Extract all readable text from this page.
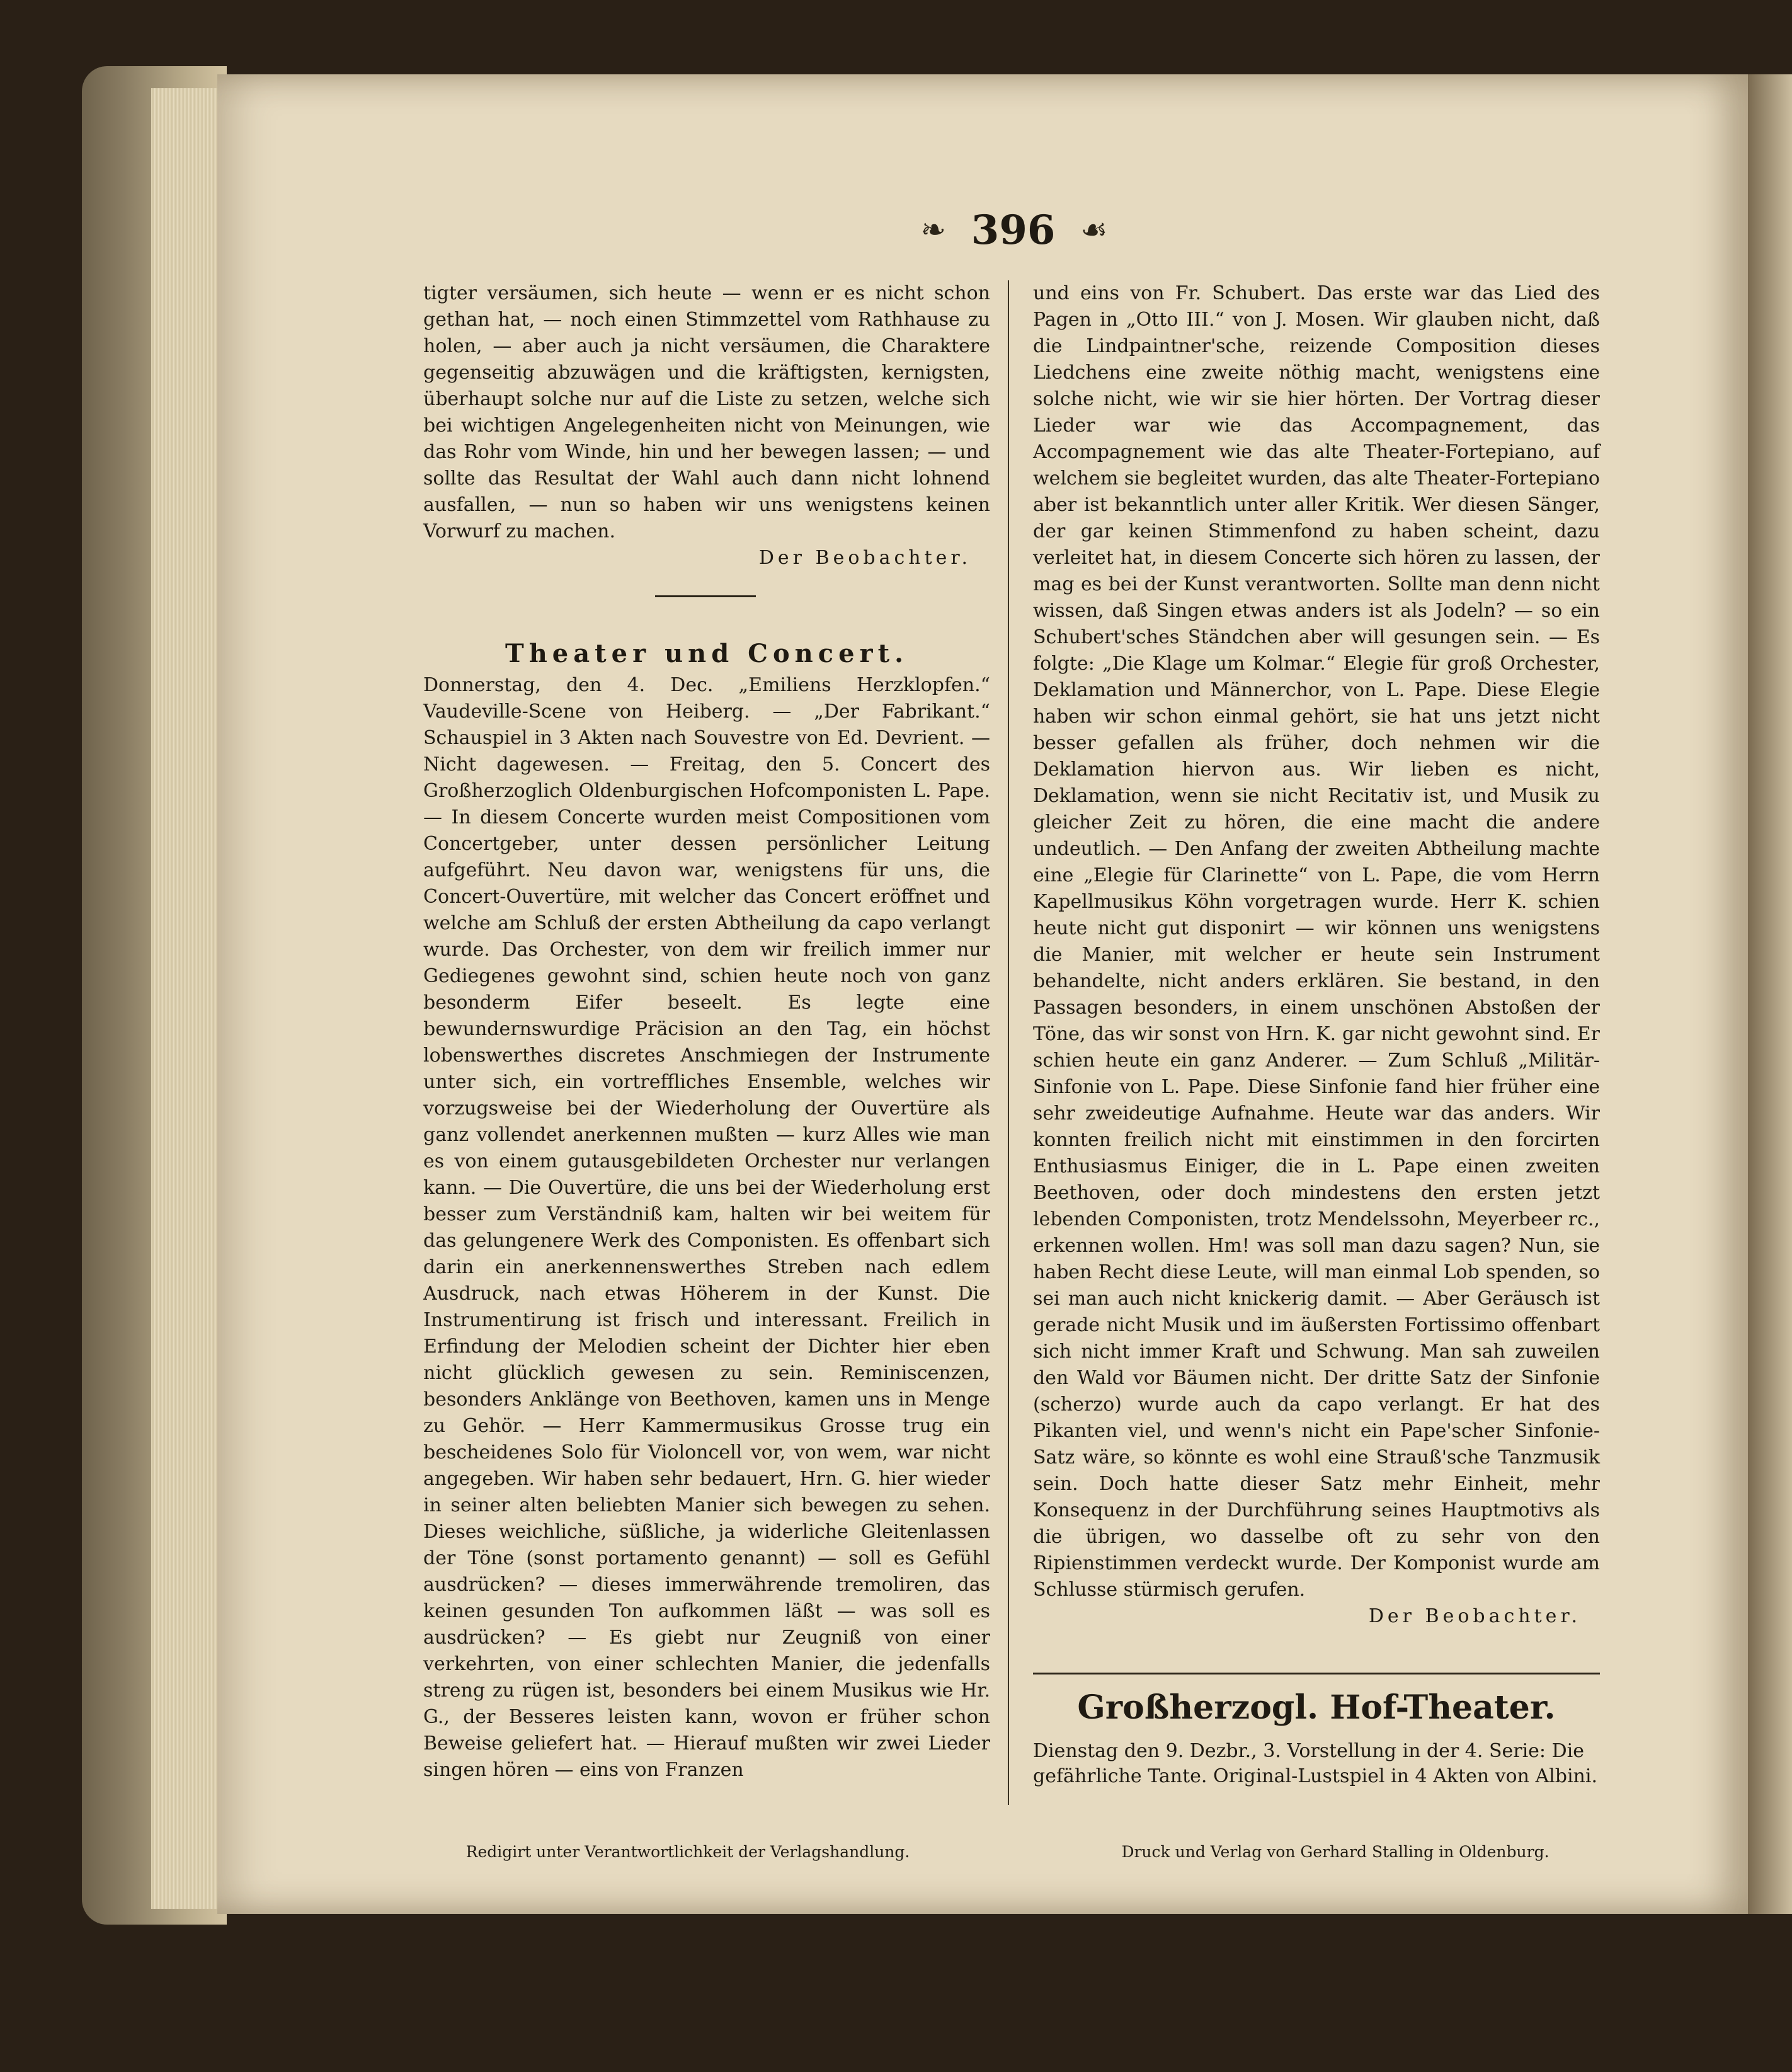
❧ 396 ☙

tigter versäumen, sich heute — wenn er es nicht schon gethan hat, — noch einen Stimmzettel vom Rathhause zu holen, — aber auch ja nicht versäumen, die Charaktere gegenseitig abzuwägen und die kräftigsten, kernigsten, überhaupt solche nur auf die Liste zu setzen, welche sich bei wichtigen Angelegenheiten nicht von Meinungen, wie das Rohr vom Winde, hin und her bewegen lassen; — und sollte das Resultat der Wahl auch dann nicht lohnend ausfallen, — nun so haben wir uns wenigstens keinen Vorwurf zu machen.

Der Beobachter.

Theater und Concert.

Donnerstag, den 4. Dec. „Emiliens Herzklopfen.“ Vaudeville-Scene von Heiberg. — „Der Fabrikant.“ Schauspiel in 3 Akten nach Souvestre von Ed. Devrient. — Nicht dagewesen. — Freitag, den 5. Concert des Großherzoglich Oldenburgischen Hofcomponisten L. Pape. — In diesem Concerte wurden meist Compositionen vom Concertgeber, unter dessen persönlicher Leitung aufgeführt. Neu davon war, wenigstens für uns, die Concert-Ouvertüre, mit welcher das Concert eröffnet und welche am Schluß der ersten Abtheilung da capo verlangt wurde. Das Orchester, von dem wir freilich immer nur Gediegenes gewohnt sind, schien heute noch von ganz besonderm Eifer beseelt. Es legte eine bewundernswurdige Präcision an den Tag, ein höchst lobenswerthes discretes Anschmiegen der Instrumente unter sich, ein vortreffliches Ensemble, welches wir vorzugsweise bei der Wiederholung der Ouvertüre als ganz vollendet anerkennen mußten — kurz Alles wie man es von einem gutausgebildeten Orchester nur verlangen kann. — Die Ouvertüre, die uns bei der Wiederholung erst besser zum Verständniß kam, halten wir bei weitem für das gelungenere Werk des Componisten. Es offenbart sich darin ein anerkennenswerthes Streben nach edlem Ausdruck, nach etwas Höherem in der Kunst. Die Instrumentirung ist frisch und interessant. Freilich in Erfindung der Melodien scheint der Dichter hier eben nicht glücklich gewesen zu sein. Reminiscenzen, besonders Anklänge von Beethoven, kamen uns in Menge zu Gehör. — Herr Kammermusikus Grosse trug ein bescheidenes Solo für Violoncell vor, von wem, war nicht angegeben. Wir haben sehr bedauert, Hrn. G. hier wieder in seiner alten beliebten Manier sich bewegen zu sehen. Dieses weichliche, süßliche, ja widerliche Gleitenlassen der Töne (sonst portamento genannt) — soll es Gefühl ausdrücken? — dieses immerwährende tremoliren, das keinen gesunden Ton aufkommen läßt — was soll es ausdrücken? — Es giebt nur Zeugniß von einer verkehrten, von einer schlechten Manier, die jedenfalls streng zu rügen ist, besonders bei einem Musikus wie Hr. G., der Besseres leisten kann, wovon er früher schon Beweise geliefert hat. — Hierauf mußten wir zwei Lieder singen hören — eins von Franzen

und eins von Fr. Schubert. Das erste war das Lied des Pagen in „Otto III.“ von J. Mosen. Wir glauben nicht, daß die Lindpaintner'sche, reizende Composition dieses Liedchens eine zweite nöthig macht, wenigstens eine solche nicht, wie wir sie hier hörten. Der Vortrag dieser Lieder war wie das Accompagnement, das Accompagnement wie das alte Theater-Fortepiano, auf welchem sie begleitet wurden, das alte Theater-Fortepiano aber ist bekanntlich unter aller Kritik. Wer diesen Sänger, der gar keinen Stimmenfond zu haben scheint, dazu verleitet hat, in diesem Concerte sich hören zu lassen, der mag es bei der Kunst verantworten. Sollte man denn nicht wissen, daß Singen etwas anders ist als Jodeln? — so ein Schubert'sches Ständchen aber will gesungen sein. — Es folgte: „Die Klage um Kolmar.“ Elegie für groß Orchester, Deklamation und Männerchor, von L. Pape. Diese Elegie haben wir schon einmal gehört, sie hat uns jetzt nicht besser gefallen als früher, doch nehmen wir die Deklamation hiervon aus. Wir lieben es nicht, Deklamation, wenn sie nicht Recitativ ist, und Musik zu gleicher Zeit zu hören, die eine macht die andere undeutlich. — Den Anfang der zweiten Abtheilung machte eine „Elegie für Clarinette“ von L. Pape, die vom Herrn Kapellmusikus Köhn vorgetragen wurde. Herr K. schien heute nicht gut disponirt — wir können uns wenigstens die Manier, mit welcher er heute sein Instrument behandelte, nicht anders erklären. Sie bestand, in den Passagen besonders, in einem unschönen Abstoßen der Töne, das wir sonst von Hrn. K. gar nicht gewohnt sind. Er schien heute ein ganz Anderer. — Zum Schluß „Militär-Sinfonie von L. Pape. Diese Sinfonie fand hier früher eine sehr zweideutige Aufnahme. Heute war das anders. Wir konnten freilich nicht mit einstimmen in den forcirten Enthusiasmus Einiger, die in L. Pape einen zweiten Beethoven, oder doch mindestens den ersten jetzt lebenden Componisten, trotz Mendelssohn, Meyerbeer rc., erkennen wollen. Hm! was soll man dazu sagen? Nun, sie haben Recht diese Leute, will man einmal Lob spenden, so sei man auch nicht knickerig damit. — Aber Geräusch ist gerade nicht Musik und im äußersten Fortissimo offenbart sich nicht immer Kraft und Schwung. Man sah zuweilen den Wald vor Bäumen nicht. Der dritte Satz der Sinfonie (scherzo) wurde auch da capo verlangt. Er hat des Pikanten viel, und wenn's nicht ein Pape'scher Sinfonie-Satz wäre, so könnte es wohl eine Strauß'sche Tanzmusik sein. Doch hatte dieser Satz mehr Einheit, mehr Konsequenz in der Durchführung seines Hauptmotivs als die übrigen, wo dasselbe oft zu sehr von den Ripienstimmen verdeckt wurde. Der Komponist wurde am Schlusse stürmisch gerufen.

Der Beobachter.

Großherzogl. Hof-Theater.
Dienstag den 9. Dezbr., 3. Vorstellung in der 4. Serie: Die gefährliche Tante. Original-Lustspiel in 4 Akten von Albini.
Redigirt unter Verantwortlichkeit der Verlagshandlung.	Druck und Verlag von Gerhard Stalling in Oldenburg.
